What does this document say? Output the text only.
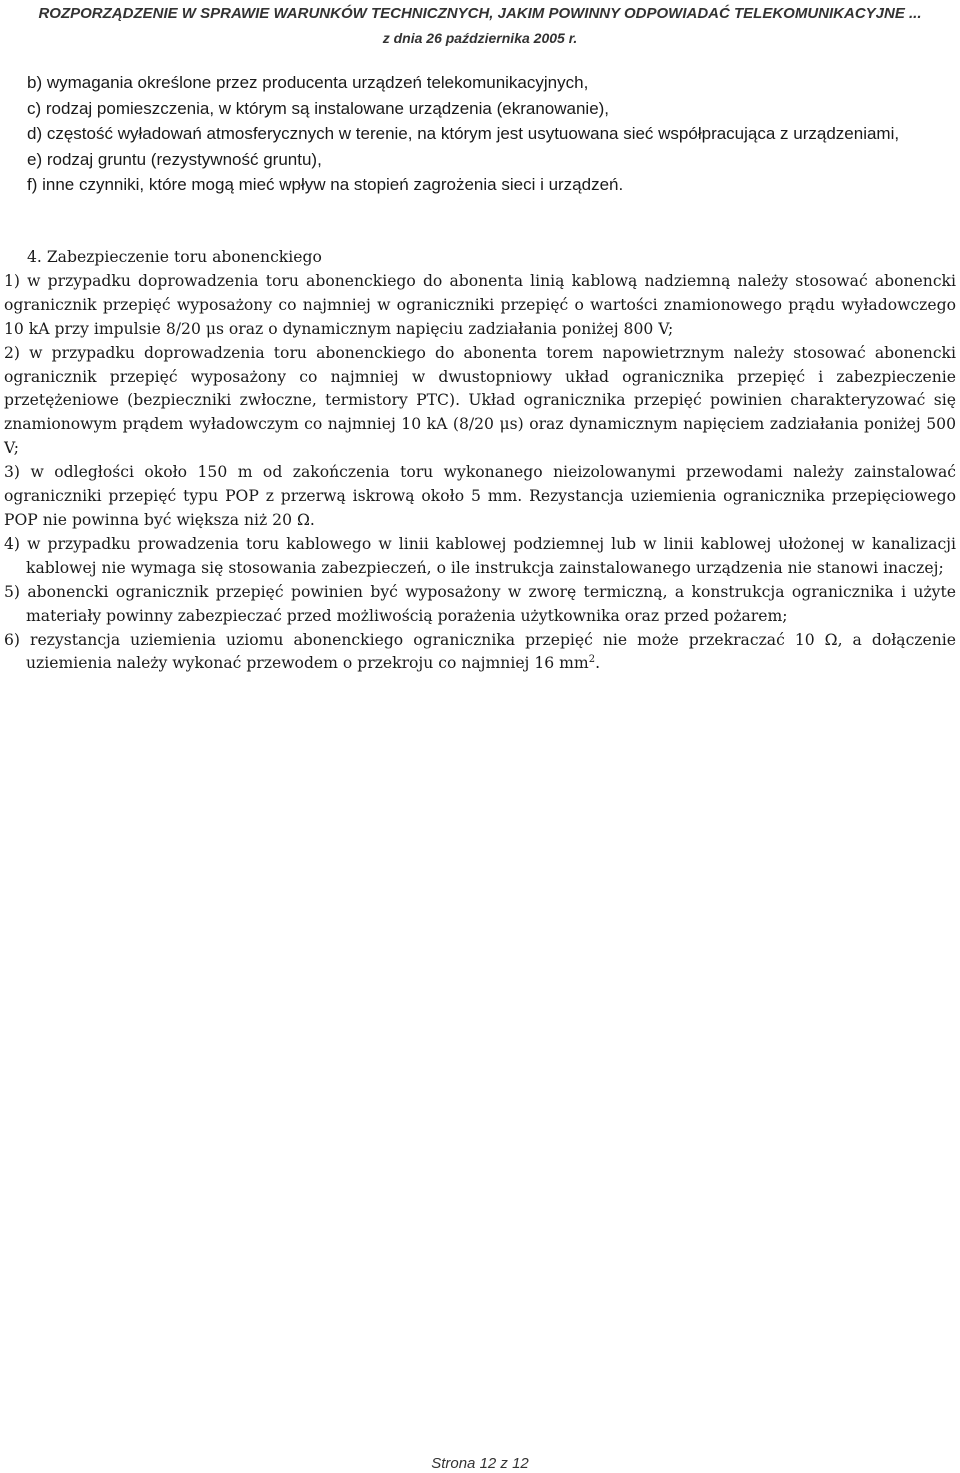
ROZPORZĄDZENIE W SPRAWIE WARUNKÓW TECHNICZNYCH, JAKIM POWINNY ODPOWIADAĆ TELEKOMUNIKACYJNE ...
z dnia 26 października 2005 r.
b) wymagania określone przez producenta urządzeń telekomunikacyjnych,
c) rodzaj pomieszczenia, w którym są instalowane urządzenia (ekranowanie),
d) częstość wyładowań atmosferycznych w terenie, na którym jest usytuowana sieć współpracująca z urządzeniami,
e) rodzaj gruntu (rezystywność gruntu),
f) inne czynniki, które mogą mieć wpływ na stopień zagrożenia sieci i urządzeń.
4. Zabezpieczenie toru abonenckiego
1) w przypadku doprowadzenia toru abonenckiego do abonenta linią kablową nadziemną należy stosować abonencki ogranicznik przepięć wyposażony co najmniej w ograniczniki przepięć o wartości znamionowego prądu wyładowczego 10 kA przy impulsie 8/20 μs oraz o dynamicznym napięciu zadziałania poniżej 800 V;
2) w przypadku doprowadzenia toru abonenckiego do abonenta torem napowietrznym należy stosować abonencki ogranicznik przepięć wyposażony co najmniej w dwustopniowy układ ogranicznika przepięć i zabezpieczenie przetężeniowe (bezpieczniki zwłoczne, termistory PTC). Układ ogranicznika przepięć powinien charakteryzować się znamionowym prądem wyładowczym co najmniej 10 kA (8/20 μs) oraz dynamicznym napięciem zadziałania poniżej 500 V;
3) w odległości około 150 m od zakończenia toru wykonanego nieizolowanymi przewodami należy zainstalować ograniczniki przepięć typu POP z przerwą iskrową około 5 mm. Rezystancja uziemienia ogranicznika przepięciowego POP nie powinna być większa niż 20 Ω.
4) w przypadku prowadzenia toru kablowego w linii kablowej podziemnej lub w linii kablowej ułożonej w kanalizacji kablowej nie wymaga się stosowania zabezpieczeń, o ile instrukcja zainstalowanego urządzenia nie stanowi inaczej;
5) abonencki ogranicznik przepięć powinien być wyposażony w zworę termiczną, a konstrukcja ogranicznika i użyte materiały powinny zabezpieczać przed możliwością porażenia użytkownika oraz przed pożarem;
6) rezystancja uziemienia uziomu abonenckiego ogranicznika przepięć nie może przekraczać 10 Ω, a dołączenie uziemienia należy wykonać przewodem o przekroju co najmniej 16 $mm^2$.
Strona 12 z 12
